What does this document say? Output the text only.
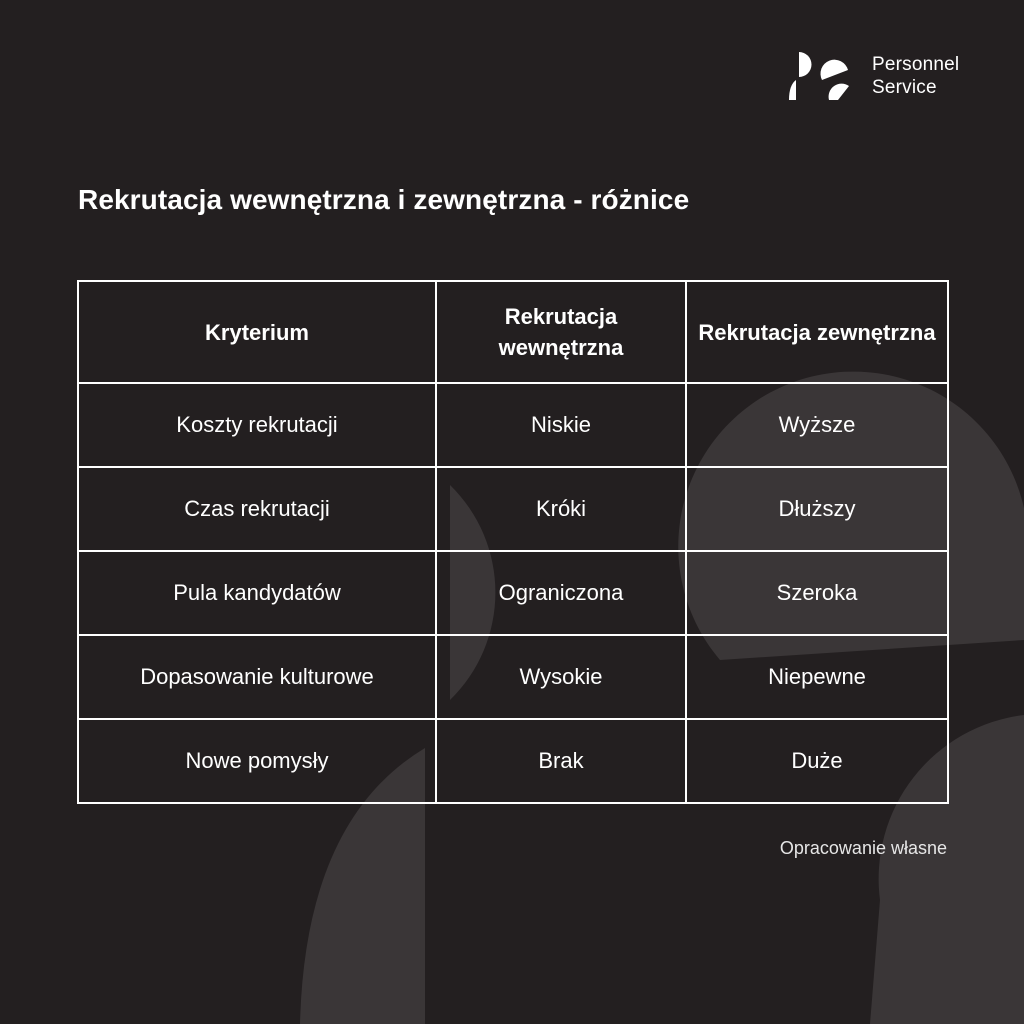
Personnel
Service
Rekrutacja wewnętrzna i zewnętrzna - różnice
Kryterium	Rekrutacja wewnętrzna	Rekrutacja zewnętrzna
Koszty rekrutacji	Niskie	Wyższe
Czas rekrutacji	Króki	Dłuższy
Pula kandydatów	Ograniczona	Szeroka
Dopasowanie kulturowe	Wysokie	Niepewne
Nowe pomysły	Brak	Duże
Opracowanie własne
